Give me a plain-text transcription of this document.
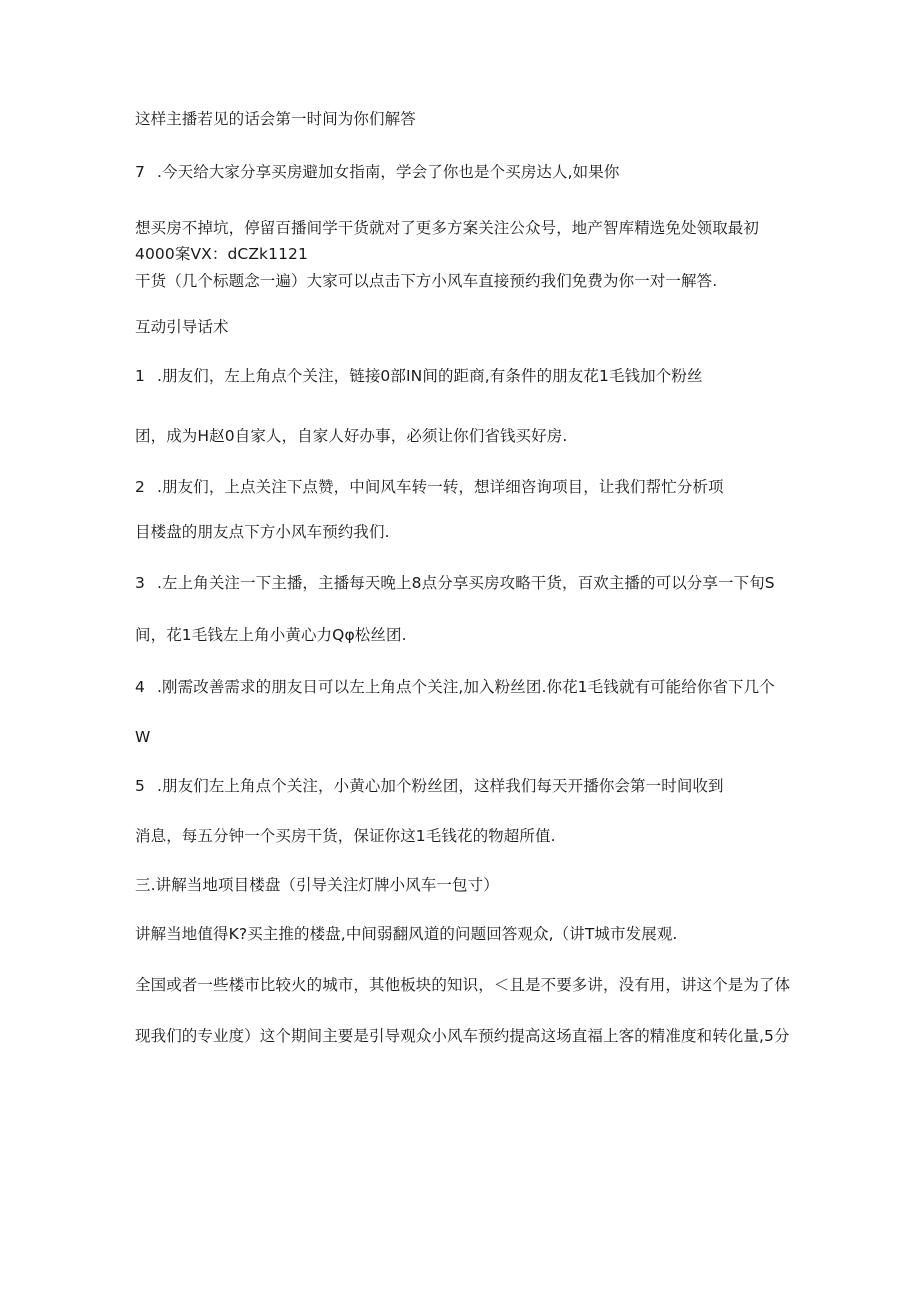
这样主播若见的话会第一时间为你们解答
7 .今天给大家分享买房避加女指南，学会了你也是个买房达人,如果你
想买房不掉坑，停留百播间学干货就对了更多方案关注公众号，地产智库精选免处领取最初
4000案VX：dCZk1121
干货（几个标题念一遍）大家可以点击下方小风车直接预约我们免费为你一对一解答.
互动引导话术
1 .朋友们，左上角点个关注，链接0部IN间的距商,有条件的朋友花1毛钱加个粉丝
团，成为H赵0自家人，自家人好办事，必须让你们省钱买好房.
2 .朋友们，上点关注下点赞，中间风车转一转，想详细咨询项目，让我们帮忙分析项
目楼盘的朋友点下方小风车预约我们.
3 .左上角关注一下主播，主播每天晚上8点分享买房攻略干货，百欢主播的可以分享一下旬S
间，花1毛钱左上角小黄心力Qφ松丝团.
4 .刚需改善需求的朋友日可以左上角点个关注,加入粉丝团.你花1毛钱就有可能给你省下几个
W
5 .朋友们左上角点个关注，小黄心加个粉丝团，这样我们每天开播你会第一时间收到
消息，每五分钟一个买房干货，保证你这1毛钱花的物超所值.
三.讲解当地项目楼盘（引导关注灯牌小风车一包寸）
讲解当地值得K?买主推的楼盘,中间弱翻风道的问题回答观众,（讲T城市发展观.
全国或者一些楼市比较火的城市，其他板块的知识，＜且是不要多讲，没有用，讲这个是为了体
现我们的专业度）这个期间主要是引导观众小风车预约提高这场直福上客的精准度和转化量,5分
